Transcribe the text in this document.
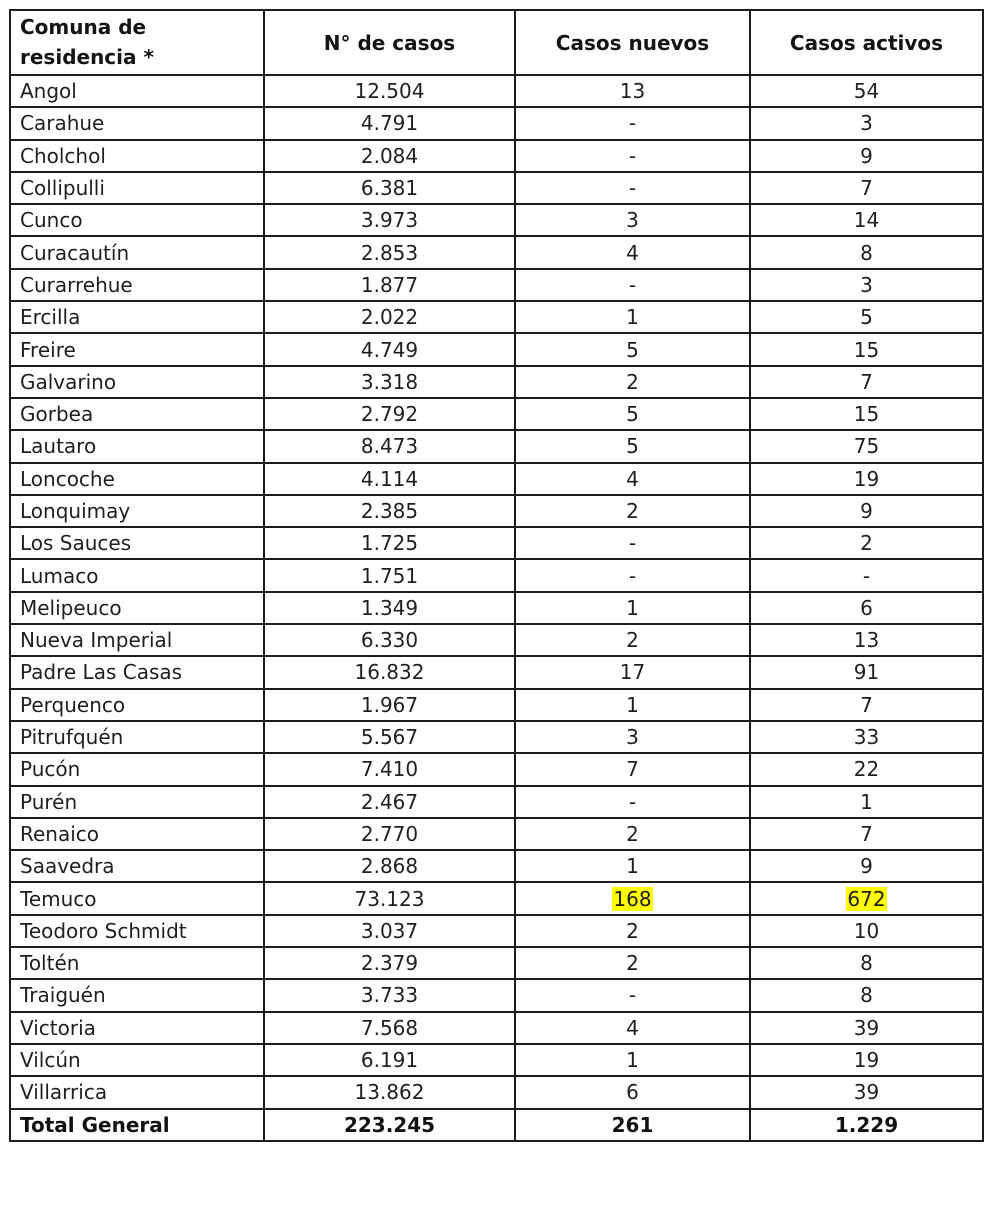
Comuna de residencia *	N° de casos	Casos nuevos	Casos activos
Angol	12.504	13	54
Carahue	4.791	-	3
Cholchol	2.084	-	9
Collipulli	6.381	-	7
Cunco	3.973	3	14
Curacautín	2.853	4	8
Curarrehue	1.877	-	3
Ercilla	2.022	1	5
Freire	4.749	5	15
Galvarino	3.318	2	7
Gorbea	2.792	5	15
Lautaro	8.473	5	75
Loncoche	4.114	4	19
Lonquimay	2.385	2	9
Los Sauces	1.725	-	2
Lumaco	1.751	-	-
Melipeuco	1.349	1	6
Nueva Imperial	6.330	2	13
Padre Las Casas	16.832	17	91
Perquenco	1.967	1	7
Pitrufquén	5.567	3	33
Pucón	7.410	7	22
Purén	2.467	-	1
Renaico	2.770	2	7
Saavedra	2.868	1	9
Temuco	73.123	168	672
Teodoro Schmidt	3.037	2	10
Toltén	2.379	2	8
Traiguén	3.733	-	8
Victoria	7.568	4	39
Vilcún	6.191	1	19
Villarrica	13.862	6	39
Total General	223.245	261	1.229
